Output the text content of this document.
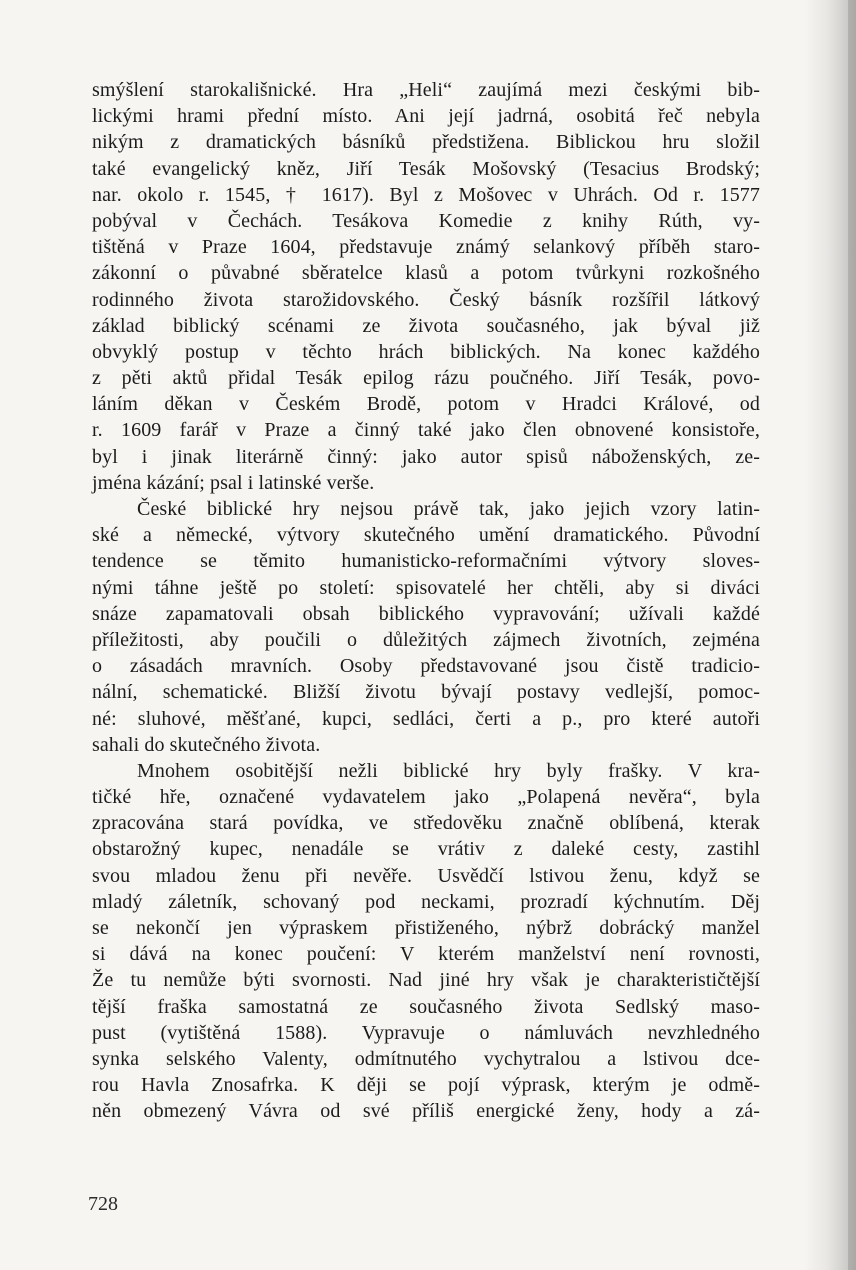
smýšlení starokališnické. Hra „Heli“ zaujímá mezi českými bib-
lickými hrami přední místo. Ani její jadrná, osobitá řeč nebyla
nikým z dramatických básníků předstižena. Biblickou hru složil
také evangelický kněz, Jiří Tesák Mošovský (Tesacius Brodský;
nar. okolo r. 1545, † 1617). Byl z Mošovec v Uhrách. Od r. 1577
pobýval v Čechách. Tesákova Komedie z knihy Rúth, vy-
tištěná v Praze 1604, představuje známý selankový příběh staro-
zákonní o půvabné sběratelce klasů a potom tvůrkyni rozkošného
rodinného života starožidovského. Český básník rozšířil látkový
základ biblický scénami ze života současného, jak býval již
obvyklý postup v těchto hrách biblických. Na konec každého
z pěti aktů přidal Tesák epilog rázu poučného. Jiří Tesák, povo-
láním děkan v Českém Brodě, potom v Hradci Králové, od
r. 1609 farář v Praze a činný také jako člen obnovené konsistoře,
byl i jinak literárně činný: jako autor spisů náboženských, ze-
jména kázání; psal i latinské verše.
České biblické hry nejsou právě tak, jako jejich vzory latin-
ské a německé, výtvory skutečného umění dramatického. Původní
tendence se těmito humanisticko-reformačními výtvory sloves-
nými táhne ještě po století: spisovatelé her chtěli, aby si diváci
snáze zapamatovali obsah biblického vypravování; užívali každé
příležitosti, aby poučili o důležitých zájmech životních, zejména
o zásadách mravních. Osoby představované jsou čistě tradicio-
nální, schematické. Bližší životu bývají postavy vedlejší, pomoc-
né: sluhové, měšťané, kupci, sedláci, čerti a p., pro které autoři
sahali do skutečného života.
Mnohem osobitější nežli biblické hry byly frašky. V kra-
tičké hře, označené vydavatelem jako „Polapená nevěra“, byla
zpracována stará povídka, ve středověku značně oblíbená, kterak
obstarožný kupec, nenadále se vrátiv z daleké cesty, zastihl
svou mladou ženu při nevěře. Usvědčí lstivou ženu, když se
mladý záletník, schovaný pod neckami, prozradí kýchnutím. Děj
se nekončí jen výpraskem přistiženého, nýbrž dobrácký manžel
si dává na konec poučení: V kterém manželství není rovnosti,
Že tu nemůže býti svornosti. Nad jiné hry však je charakterističtější
tější fraška samostatná ze současného života Sedlský maso-
pust (vytištěná 1588). Vypravuje o námluvách nevzhledného
synka selského Valenty, odmítnutého vychytralou a lstivou dce-
rou Havla Znosafrka. K ději se pojí výprask, kterým je odmě-
něn obmezený Vávra od své příliš energické ženy, hody a zá-
728
